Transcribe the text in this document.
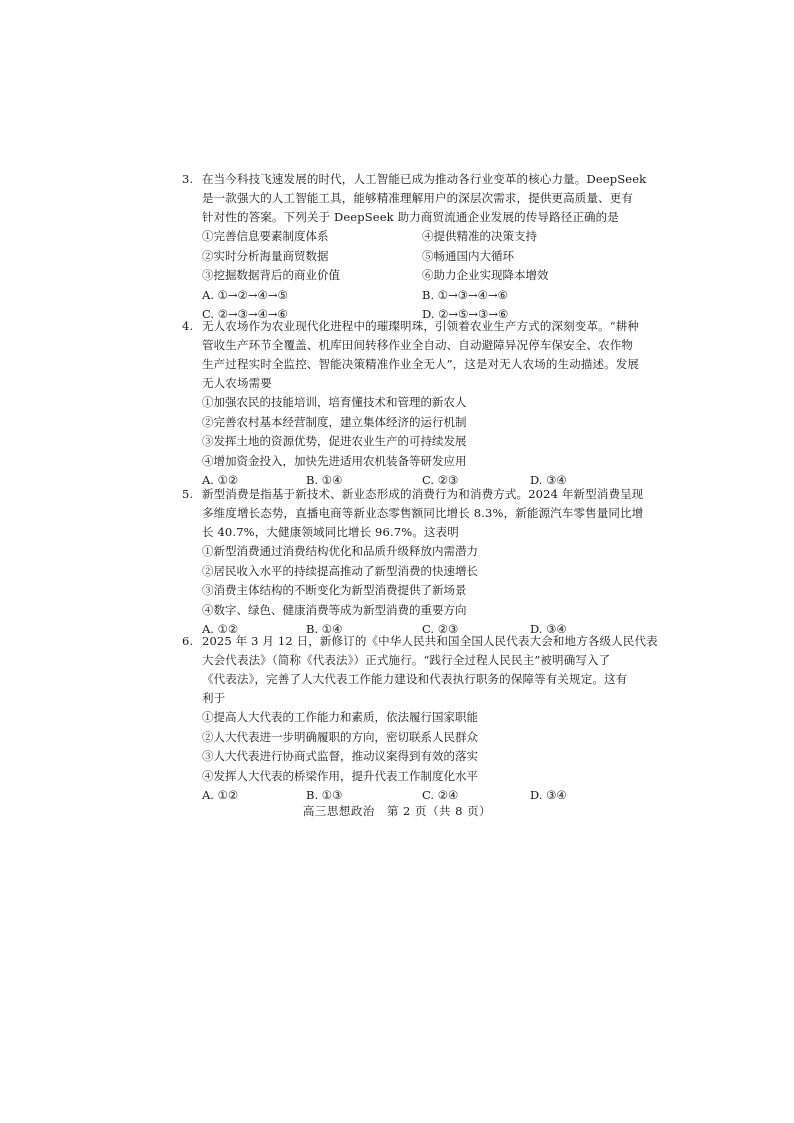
3. 在当今科技飞速发展的时代，人工智能已成为推动各行业变革的核心力量。DeepSeek
是一款强大的人工智能工具，能够精准理解用户的深层次需求，提供更高质量、更有
针对性的答案。下列关于 DeepSeek 助力商贸流通企业发展的传导路径正确的是
①完善信息要素制度体系	④提供精准的决策支持
②实时分析海量商贸数据	⑤畅通国内大循环
③挖掘数据背后的商业价值	⑥助力企业实现降本增效
A. ①→②→④→⑤	B. ①→③→④→⑥
C. ②→③→④→⑥	D. ②→⑤→③→⑥
4. 无人农场作为农业现代化进程中的璀璨明珠，引领着农业生产方式的深刻变革。“耕种
管收生产环节全覆盖、机库田间转移作业全自动、自动避障异况停车保安全、农作物
生产过程实时全监控、智能决策精准作业全无人”，这是对无人农场的生动描述。发展
无人农场需要
①加强农民的技能培训，培育懂技术和管理的新农人
②完善农村基本经营制度，建立集体经济的运行机制
③发挥土地的资源优势，促进农业生产的可持续发展
④增加资金投入，加快先进适用农机装备等研发应用
A. ①②	B. ①④	C. ②③	D. ③④
5. 新型消费是指基于新技术、新业态形成的消费行为和消费方式。2024 年新型消费呈现
多维度增长态势，直播电商等新业态零售额同比增长 8.3%，新能源汽车零售量同比增
长 40.7%，大健康领域同比增长 96.7%。这表明
①新型消费通过消费结构优化和品质升级释放内需潜力
②居民收入水平的持续提高推动了新型消费的快速增长
③消费主体结构的不断变化为新型消费提供了新场景
④数字、绿色、健康消费等成为新型消费的重要方向
A. ①②	B. ①④	C. ②③	D. ③④
6. 2025 年 3 月 12 日，新修订的《中华人民共和国全国人民代表大会和地方各级人民代表
大会代表法》（简称《代表法》）正式施行。“践行全过程人民民主”被明确写入了
《代表法》，完善了人大代表工作能力建设和代表执行职务的保障等有关规定。这有
利于
①提高人大代表的工作能力和素质，依法履行国家职能
②人大代表进一步明确履职的方向，密切联系人民群众
③人大代表进行协商式监督，推动议案得到有效的落实
④发挥人大代表的桥梁作用，提升代表工作制度化水平
A. ①②	B. ①③	C. ②④	D. ③④
高三思想政治　第 2 页（共 8 页）
